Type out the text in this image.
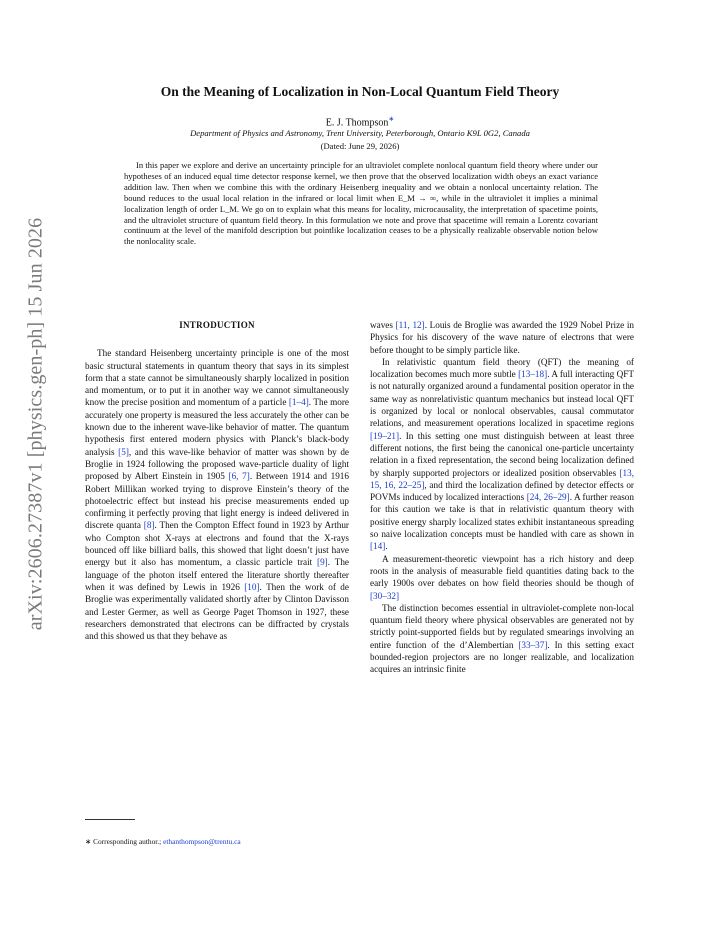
arXiv:2606.27387v1 [physics.gen-ph] 15 Jun 2026
On the Meaning of Localization in Non-Local Quantum Field Theory
E. J. Thompson∗
Department of Physics and Astronomy, Trent University, Peterborough, Ontario K9L 0G2, Canada
(Dated: June 29, 2026)
In this paper we explore and derive an uncertainty principle for an ultraviolet complete nonlocal quantum field theory where under our hypotheses of an induced equal time detector response kernel, we then prove that the observed localization width obeys an exact variance addition law. Then when we combine this with the ordinary Heisenberg inequality and we obtain a nonlocal uncertainty relation. The bound reduces to the usual local relation in the infrared or local limit when E_M → ∞, while in the ultraviolet it implies a minimal localization length of order L_M. We go on to explain what this means for locality, microcausality, the interpretation of spacetime points, and the ultraviolet structure of quantum field theory. In this formulation we note and prove that spacetime will remain a Lorentz covariant continuum at the level of the manifold description but pointlike localization ceases to be a physically realizable observable notion below the nonlocality scale.
INTRODUCTION

The standard Heisenberg uncertainty principle is one of the most basic structural statements in quantum theory that says in its simplest form that a state cannot be simultaneously sharply localized in position and momentum, or to put it in another way we cannot simultaneously know the precise position and momentum of a particle [1–4]. The more accurately one property is measured the less accurately the other can be known due to the inherent wave-like behavior of matter. The quantum hypothesis first entered modern physics with Planck’s black-body analysis [5], and this wave-like behavior of matter was shown by de Broglie in 1924 following the proposed wave-particle duality of light proposed by Albert Einstein in 1905 [6, 7]. Between 1914 and 1916 Robert Millikan worked trying to disprove Einstein’s theory of the photoelectric effect but instead his precise measurements ended up confirming it perfectly proving that light energy is indeed delivered in discrete quanta [8]. Then the Compton Effect found in 1923 by Arthur who Compton shot X-rays at electrons and found that the X-rays bounced off like billiard balls, this showed that light doesn’t just have energy but it also has momentum, a classic particle trait [9]. The language of the photon itself entered the literature shortly thereafter when it was defined by Lewis in 1926 [10]. Then the work of de Broglie was experimentally validated shortly after by Clinton Davisson and Lester Germer, as well as George Paget Thomson in 1927, these researchers demonstrated that electrons can be diffracted by crystals and this showed us that they behave as

waves [11, 12]. Louis de Broglie was awarded the 1929 Nobel Prize in Physics for his discovery of the wave nature of electrons that were before thought to be simply particle like.

In relativistic quantum field theory (QFT) the meaning of localization becomes much more subtle [13–18]. A full interacting QFT is not naturally organized around a fundamental position operator in the same way as nonrelativistic quantum mechanics but instead local QFT is organized by local or nonlocal observables, causal commutator relations, and measurement operations localized in spacetime regions [19–21]. In this setting one must distinguish between at least three different notions, the first being the canonical one-particle uncertainty relation in a fixed representation, the second being localization defined by sharply supported projectors or idealized position observables [13, 15, 16, 22–25], and third the localization defined by detector effects or POVMs induced by localized interactions [24, 26–29]. A further reason for this caution we take is that in relativistic quantum theory with positive energy sharply localized states exhibit instantaneous spreading so naive localization concepts must be handled with care as shown in [14].

A measurement-theoretic viewpoint has a rich history and deep roots in the analysis of measurable field quantities dating back to the early 1900s over debates on how field theories should be though of [30–32]

The distinction becomes essential in ultraviolet-complete non-local quantum field theory where physical observables are generated not by strictly point-supported fields but by regulated smearings involving an entire function of the d’Alembertian [33–37]. In this setting exact bounded-region projectors are no longer realizable, and localization acquires an intrinsic finite

∗ Corresponding author.; ethanthompson@trentu.ca
